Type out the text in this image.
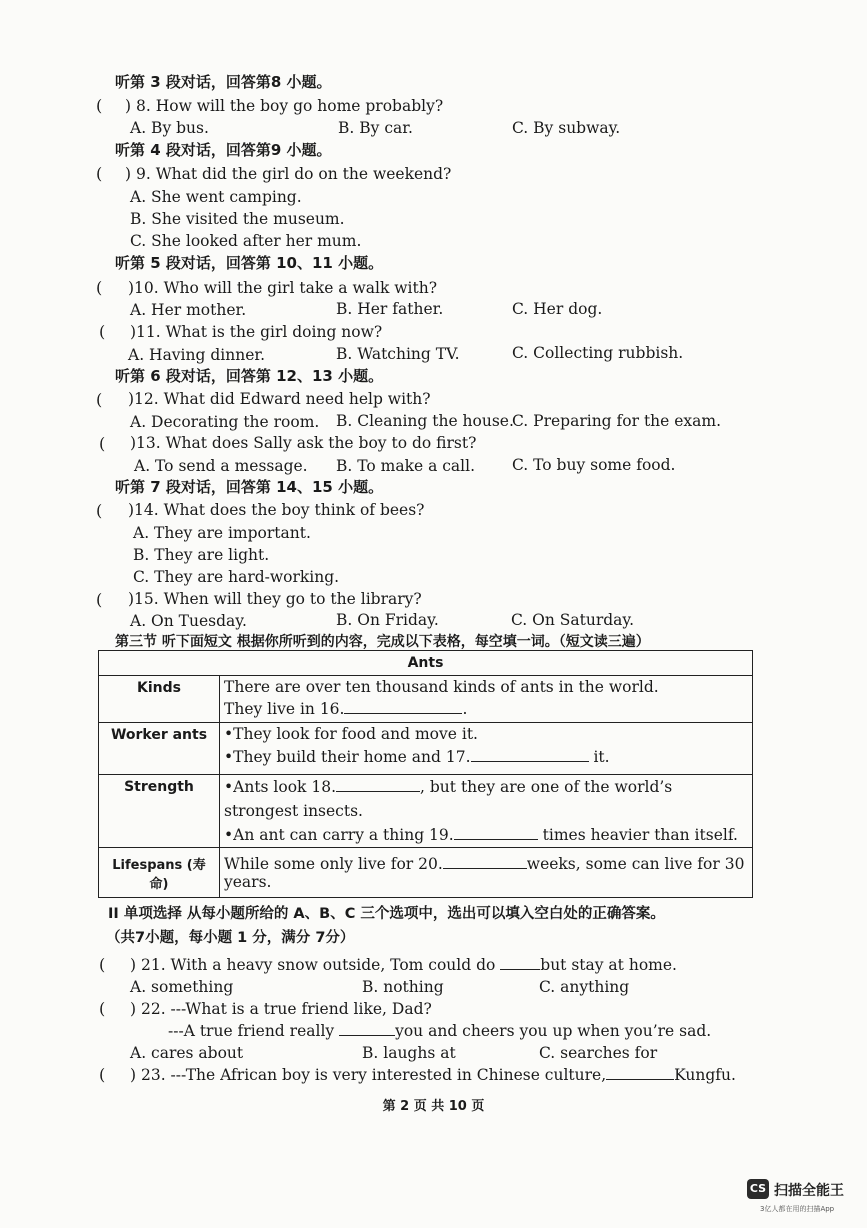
听第 3 段对话，回答第8 小题。
( ) 8. How will the boy go home probably?
A. By bus.	B. By car.	C. By subway.
听第 4 段对话，回答第9 小题。
( ) 9. What did the girl do on the weekend?
A. She went camping.
B. She visited the museum.
C. She looked after her mum.
听第 5 段对话，回答第 10、11 小题。
( )10. Who will the girl take a walk with?
A. Her mother.	B. Her father.	C. Her dog.
( )11. What is the girl doing now?
A. Having dinner.	B. Watching TV.	C. Collecting rubbish.
听第 6 段对话，回答第 12、13 小题。
( )12. What did Edward need help with?
A. Decorating the room. B. Cleaning the house.
C. Preparing for the exam.
( )13. What does Sally ask the boy to do first?
A. To send a message. B. To make a call. C. To buy some food.
听第 7 段对话，回答第 14、15 小题。
( )14. What does the boy think of bees?
A. They are important.
B. They are light.
C. They are hard-working.
( )15. When will they go to the library?
A. On Tuesday.	B. On Friday.	C. On Saturday.
第三节 听下面短文 根据你所听到的内容，完成以下表格，每空填一词。（短文读三遍）
Ants	
Kinds	There are over ten thousand kinds of ants in the world.
They live in 16. .

Worker ants	•They look for food and move it.
•They build their home and 17. it.

Strength	•Ants look 18. , but they are one of the world’s strongest insects.
•An ant can carry a thing 19. times heavier than itself.

Lifespans (寿命)	While some only live for 20. weeks, some can live for 30 years.
II 单项选择 从每小题所给的 A、B、C 三个选项中，选出可以填入空白处的正确答案。
（共7小题，每小题 1 分，满分 7分）
( ) 21. With a heavy snow outside, Tom could do	but stay at home.
A. something	B. nothing	C. anything
( ) 22. ---What is a true friend like, Dad?
---A true friend really	you and cheers you up when you’re sad.
A. cares about	B. laughs at	C. searches for
( ) 23. ---The African boy is very interested in Chinese culture,	Kungfu.
第 2 页 共 10 页
CS 扫描全能王
3亿人都在用的扫描App
